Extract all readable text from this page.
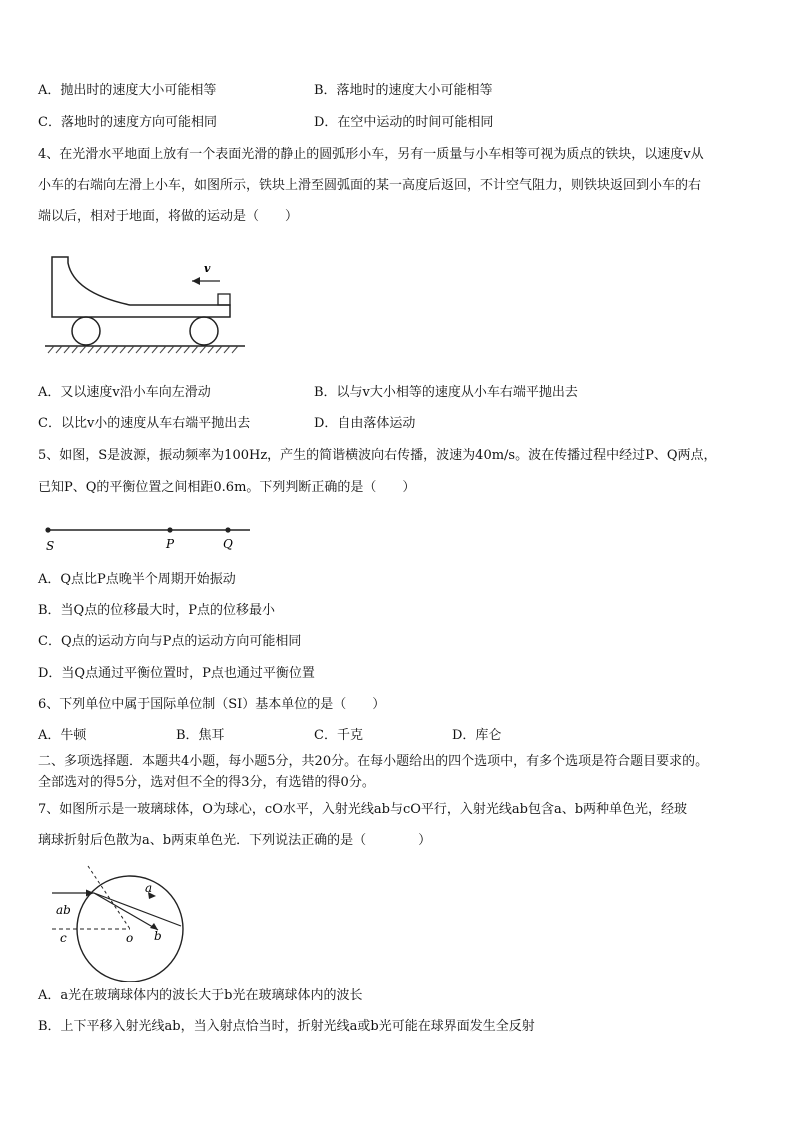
A．抛出时的速度大小可能相等	B．落地时的速度大小可能相等
C．落地时的速度方向可能相同	D．在空中运动的时间可能相同
4、在光滑水平地面上放有一个表面光滑的静止的圆弧形小车，另有一质量与小车相等可视为质点的铁块，以速度v从
小车的右端向左滑上小车，如图所示，铁块上滑至圆弧面的某一高度后返回，不计空气阻力，则铁块返回到小车的右
端以后，相对于地面，将做的运动是（　　）
v
A．又以速度v沿小车向左滑动	B．以与v大小相等的速度从小车右端平抛出去
C．以比v小的速度从车右端平抛出去	D．自由落体运动
5、如图，S是波源，振动频率为100Hz，产生的简谐横波向右传播，波速为40m/s。波在传播过程中经过P、Q两点，
已知P、Q的平衡位置之间相距0.6m。下列判断正确的是（　　）
S	P	Q
A．Q点比P点晚半个周期开始振动
B．当Q点的位移最大时，P点的位移最小
C．Q点的运动方向与P点的运动方向可能相同
D．当Q点通过平衡位置时，P点也通过平衡位置
6、下列单位中属于国际单位制（SI）基本单位的是（　　）
A．牛顿	B．焦耳	C．千克	D．库仑
二、多项选择题．本题共4小题，每小题5分，共20分。在每小题给出的四个选项中，有多个选项是符合题目要求的。
全部选对的得5分，选对但不全的得3分，有选错的得0分。
7、如图所示是一玻璃球体，O为球心，cO水平，入射光线ab与cO平行，入射光线ab包含a、b两种单色光，经玻
璃球折射后色散为a、b两束单色光．下列说法正确的是（　　　　）
ab
a
b
c	o
A．a光在玻璃球体内的波长大于b光在玻璃球体内的波长
B．上下平移入射光线ab，当入射点恰当时，折射光线a或b光可能在球界面发生全反射
